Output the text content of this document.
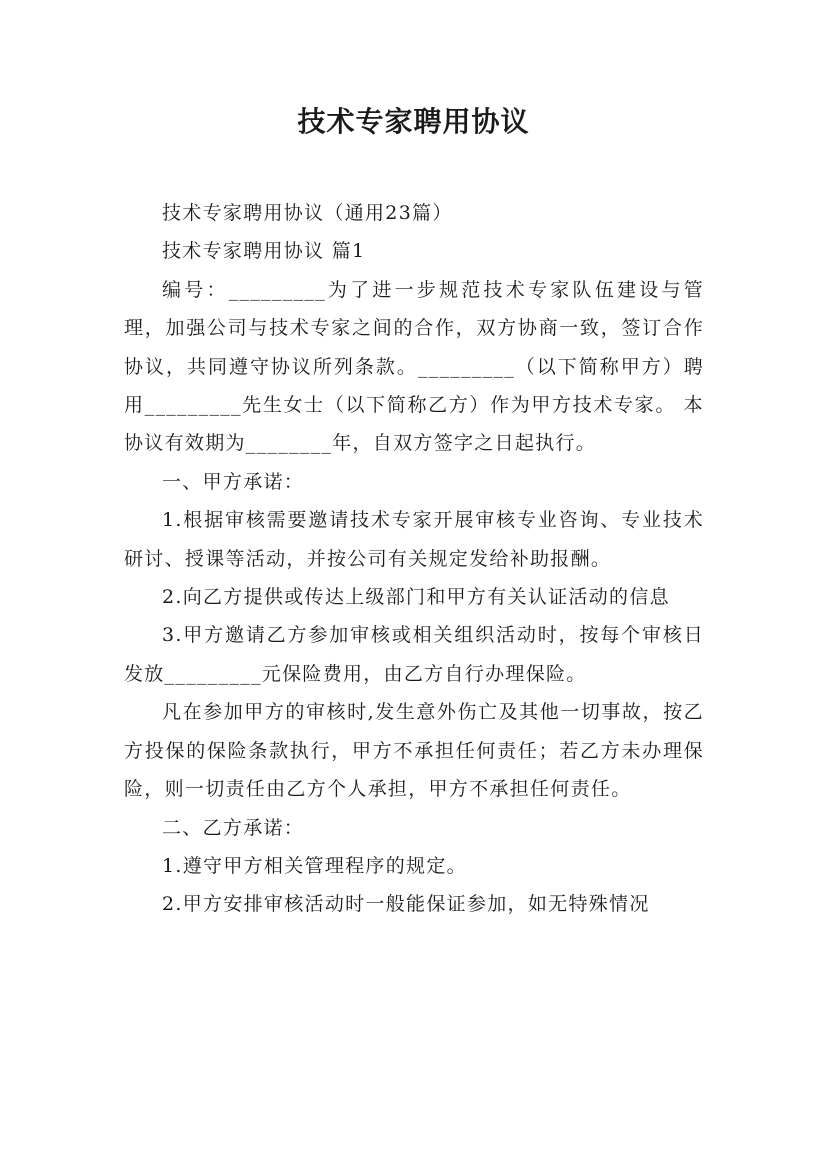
技术专家聘用协议

技术专家聘用协议（通用23篇）

技术专家聘用协议 篇1

编号：_________为了进一步规范技术专家队伍建设与管理，加强公司与技术专家之间的合作，双方协商一致，签订合作协议，共同遵守协议所列条款。_________（以下简称甲方）聘用_________先生女士（以下简称乙方）作为甲方技术专家。 本协议有效期为________年，自双方签字之日起执行。

一、甲方承诺：

1.根据审核需要邀请技术专家开展审核专业咨询、专业技术研讨、授课等活动，并按公司有关规定发给补助报酬。

2.向乙方提供或传达上级部门和甲方有关认证活动的信息

3.甲方邀请乙方参加审核或相关组织活动时，按每个审核日发放_________元保险费用，由乙方自行办理保险。

凡在参加甲方的审核时,发生意外伤亡及其他一切事故，按乙方投保的保险条款执行，甲方不承担任何责任；若乙方未办理保险，则一切责任由乙方个人承担，甲方不承担任何责任。

二、乙方承诺：

1.遵守甲方相关管理程序的规定。

2.甲方安排审核活动时一般能保证参加，如无特殊情况
